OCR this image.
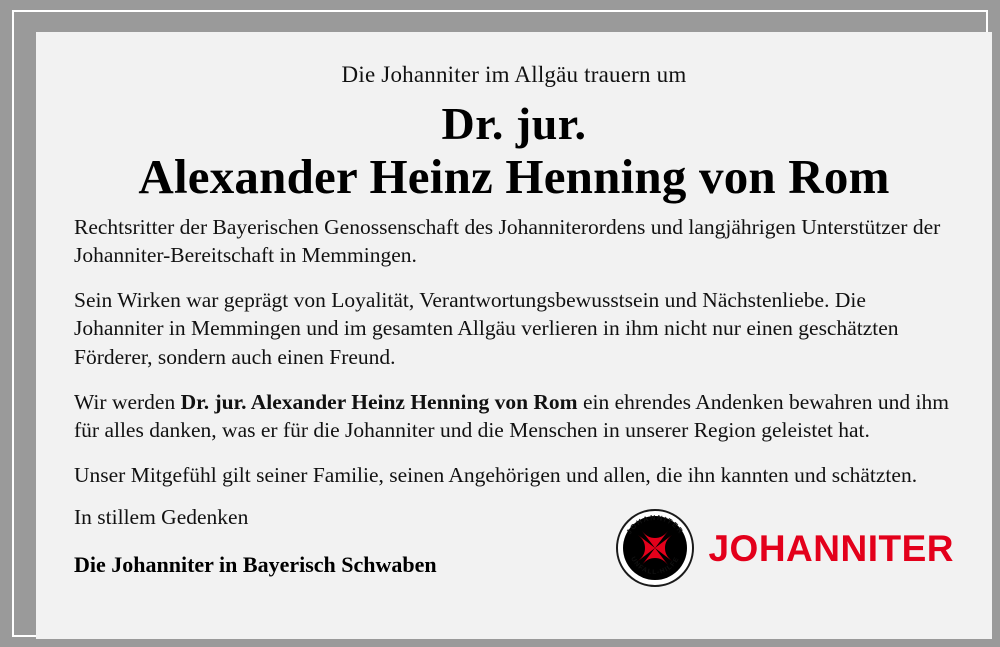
Die Johanniter im Allgäu trauern um
Dr. jur.
Alexander Heinz Henning von Rom

Rechtsritter der Bayerischen Genossenschaft des Johanniterordens und langjährigen Unterstützer der Johanniter-Bereitschaft in Memmingen.

Sein Wirken war geprägt von Loyalität, Verantwortungsbewusstsein und Nächstenliebe. Die Johanniter in Memmingen und im gesamten Allgäu verlieren in ihm nicht nur einen geschätzten Förderer, sondern auch einen Freund.

Wir werden Dr. jur. Alexander Heinz Henning von Rom ein ehrendes Andenken bewahren und ihm für alles danken, was er für die Johanniter und die Menschen in unserer Region geleistet hat.

Unser Mitgefühl gilt seiner Familie, seinen Angehörigen und allen, die ihn kannten und schätzten.

In stillem Gedenken
Die Johanniter in Bayerisch Schwaben
JOHANNITER
UNFALL-HILFE JOHANNITER
